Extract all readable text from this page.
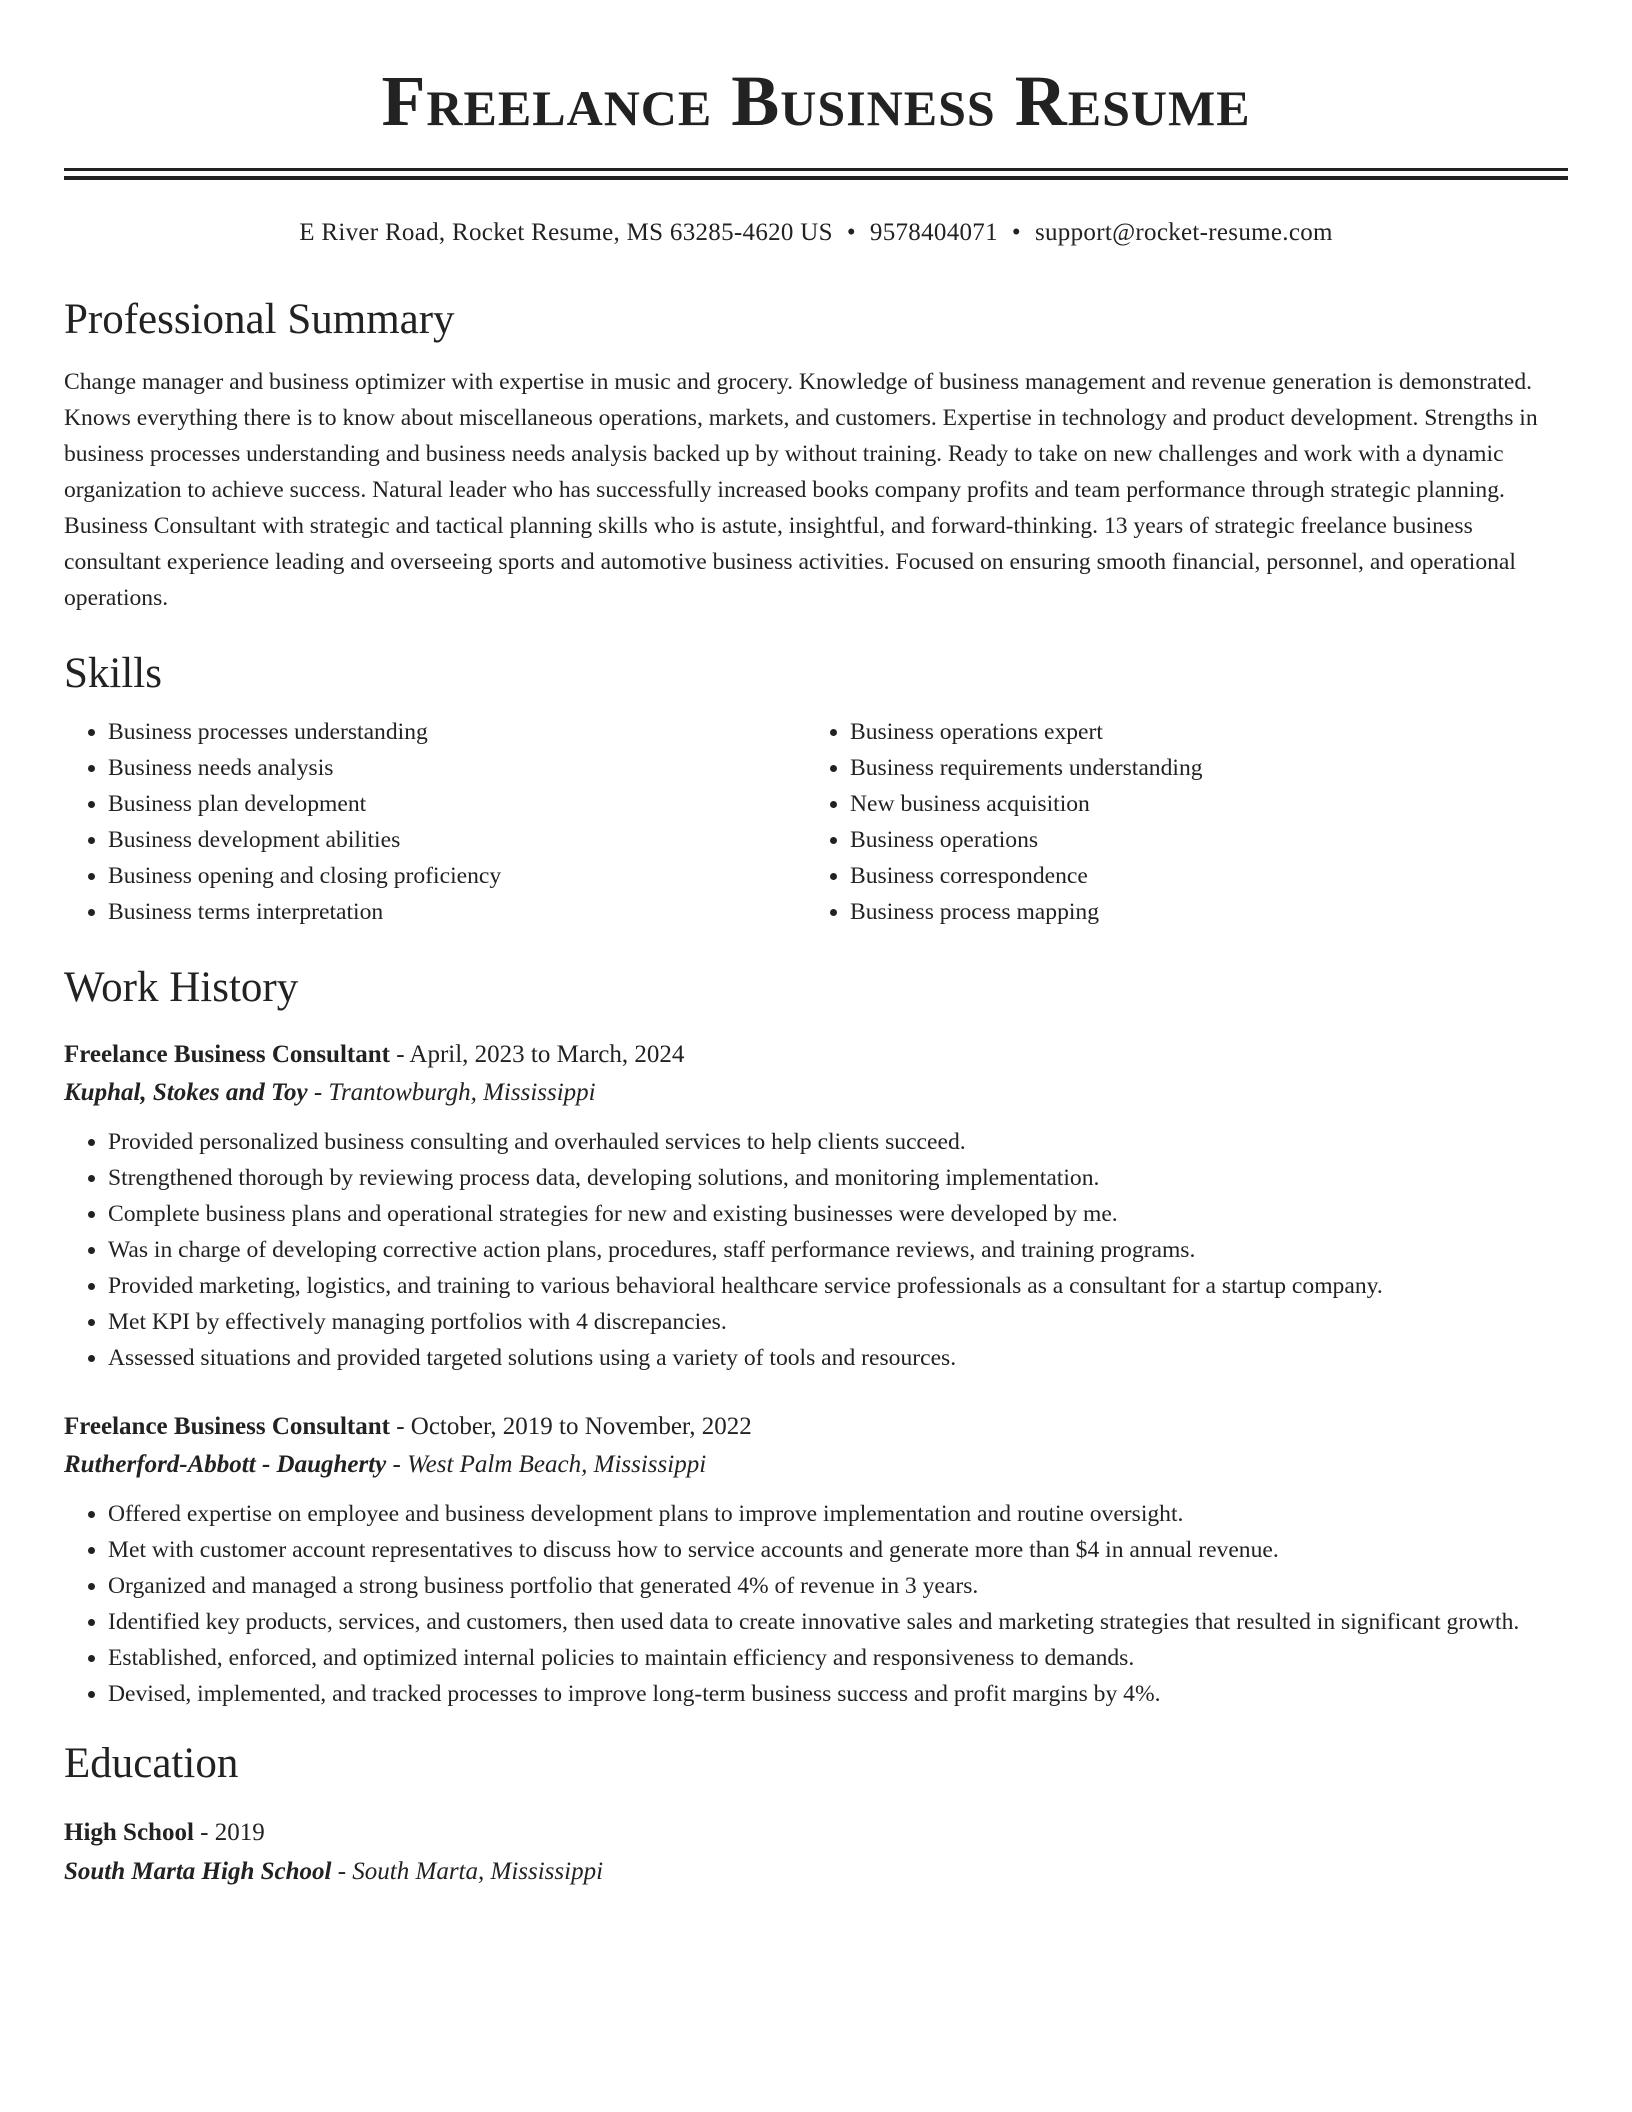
Freelance Business Resume
E River Road, Rocket Resume, MS 63285-4620 US • 9578404071 • support@rocket-resume.com
Professional Summary

Change manager and business optimizer with expertise in music and grocery. Knowledge of business management and revenue generation is demonstrated. Knows everything there is to know about miscellaneous operations, markets, and customers. Expertise in technology and product development. Strengths in business processes understanding and business needs analysis backed up by without training. Ready to take on new challenges and work with a dynamic organization to achieve success. Natural leader who has successfully increased books company profits and team performance through strategic planning. Business Consultant with strategic and tactical planning skills who is astute, insightful, and forward-thinking. 13 years of strategic freelance business consultant experience leading and overseeing sports and automotive business activities. Focused on ensuring smooth financial, personnel, and operational operations.

Skills
• Business processes understanding
• Business needs analysis
• Business plan development
• Business development abilities
• Business opening and closing proficiency
• Business terms interpretation
• Business operations expert
• Business requirements understanding
• New business acquisition
• Business operations
• Business correspondence
• Business process mapping
Work History
Freelance Business Consultant - April, 2023 to March, 2024
Kuphal, Stokes and Toy - Trantowburgh, Mississippi
• Provided personalized business consulting and overhauled services to help clients succeed.
• Strengthened thorough by reviewing process data, developing solutions, and monitoring implementation.
• Complete business plans and operational strategies for new and existing businesses were developed by me.
• Was in charge of developing corrective action plans, procedures, staff performance reviews, and training programs.
• Provided marketing, logistics, and training to various behavioral healthcare service professionals as a consultant for a startup company.
• Met KPI by effectively managing portfolios with 4 discrepancies.
• Assessed situations and provided targeted solutions using a variety of tools and resources.
Freelance Business Consultant - October, 2019 to November, 2022
Rutherford-Abbott - Daugherty - West Palm Beach, Mississippi
• Offered expertise on employee and business development plans to improve implementation and routine oversight.
• Met with customer account representatives to discuss how to service accounts and generate more than $4 in annual revenue.
• Organized and managed a strong business portfolio that generated 4% of revenue in 3 years.
• Identified key products, services, and customers, then used data to create innovative sales and marketing strategies that resulted in significant growth.
• Established, enforced, and optimized internal policies to maintain efficiency and responsiveness to demands.
• Devised, implemented, and tracked processes to improve long-term business success and profit margins by 4%.
Education
High School - 2019
South Marta High School - South Marta, Mississippi
